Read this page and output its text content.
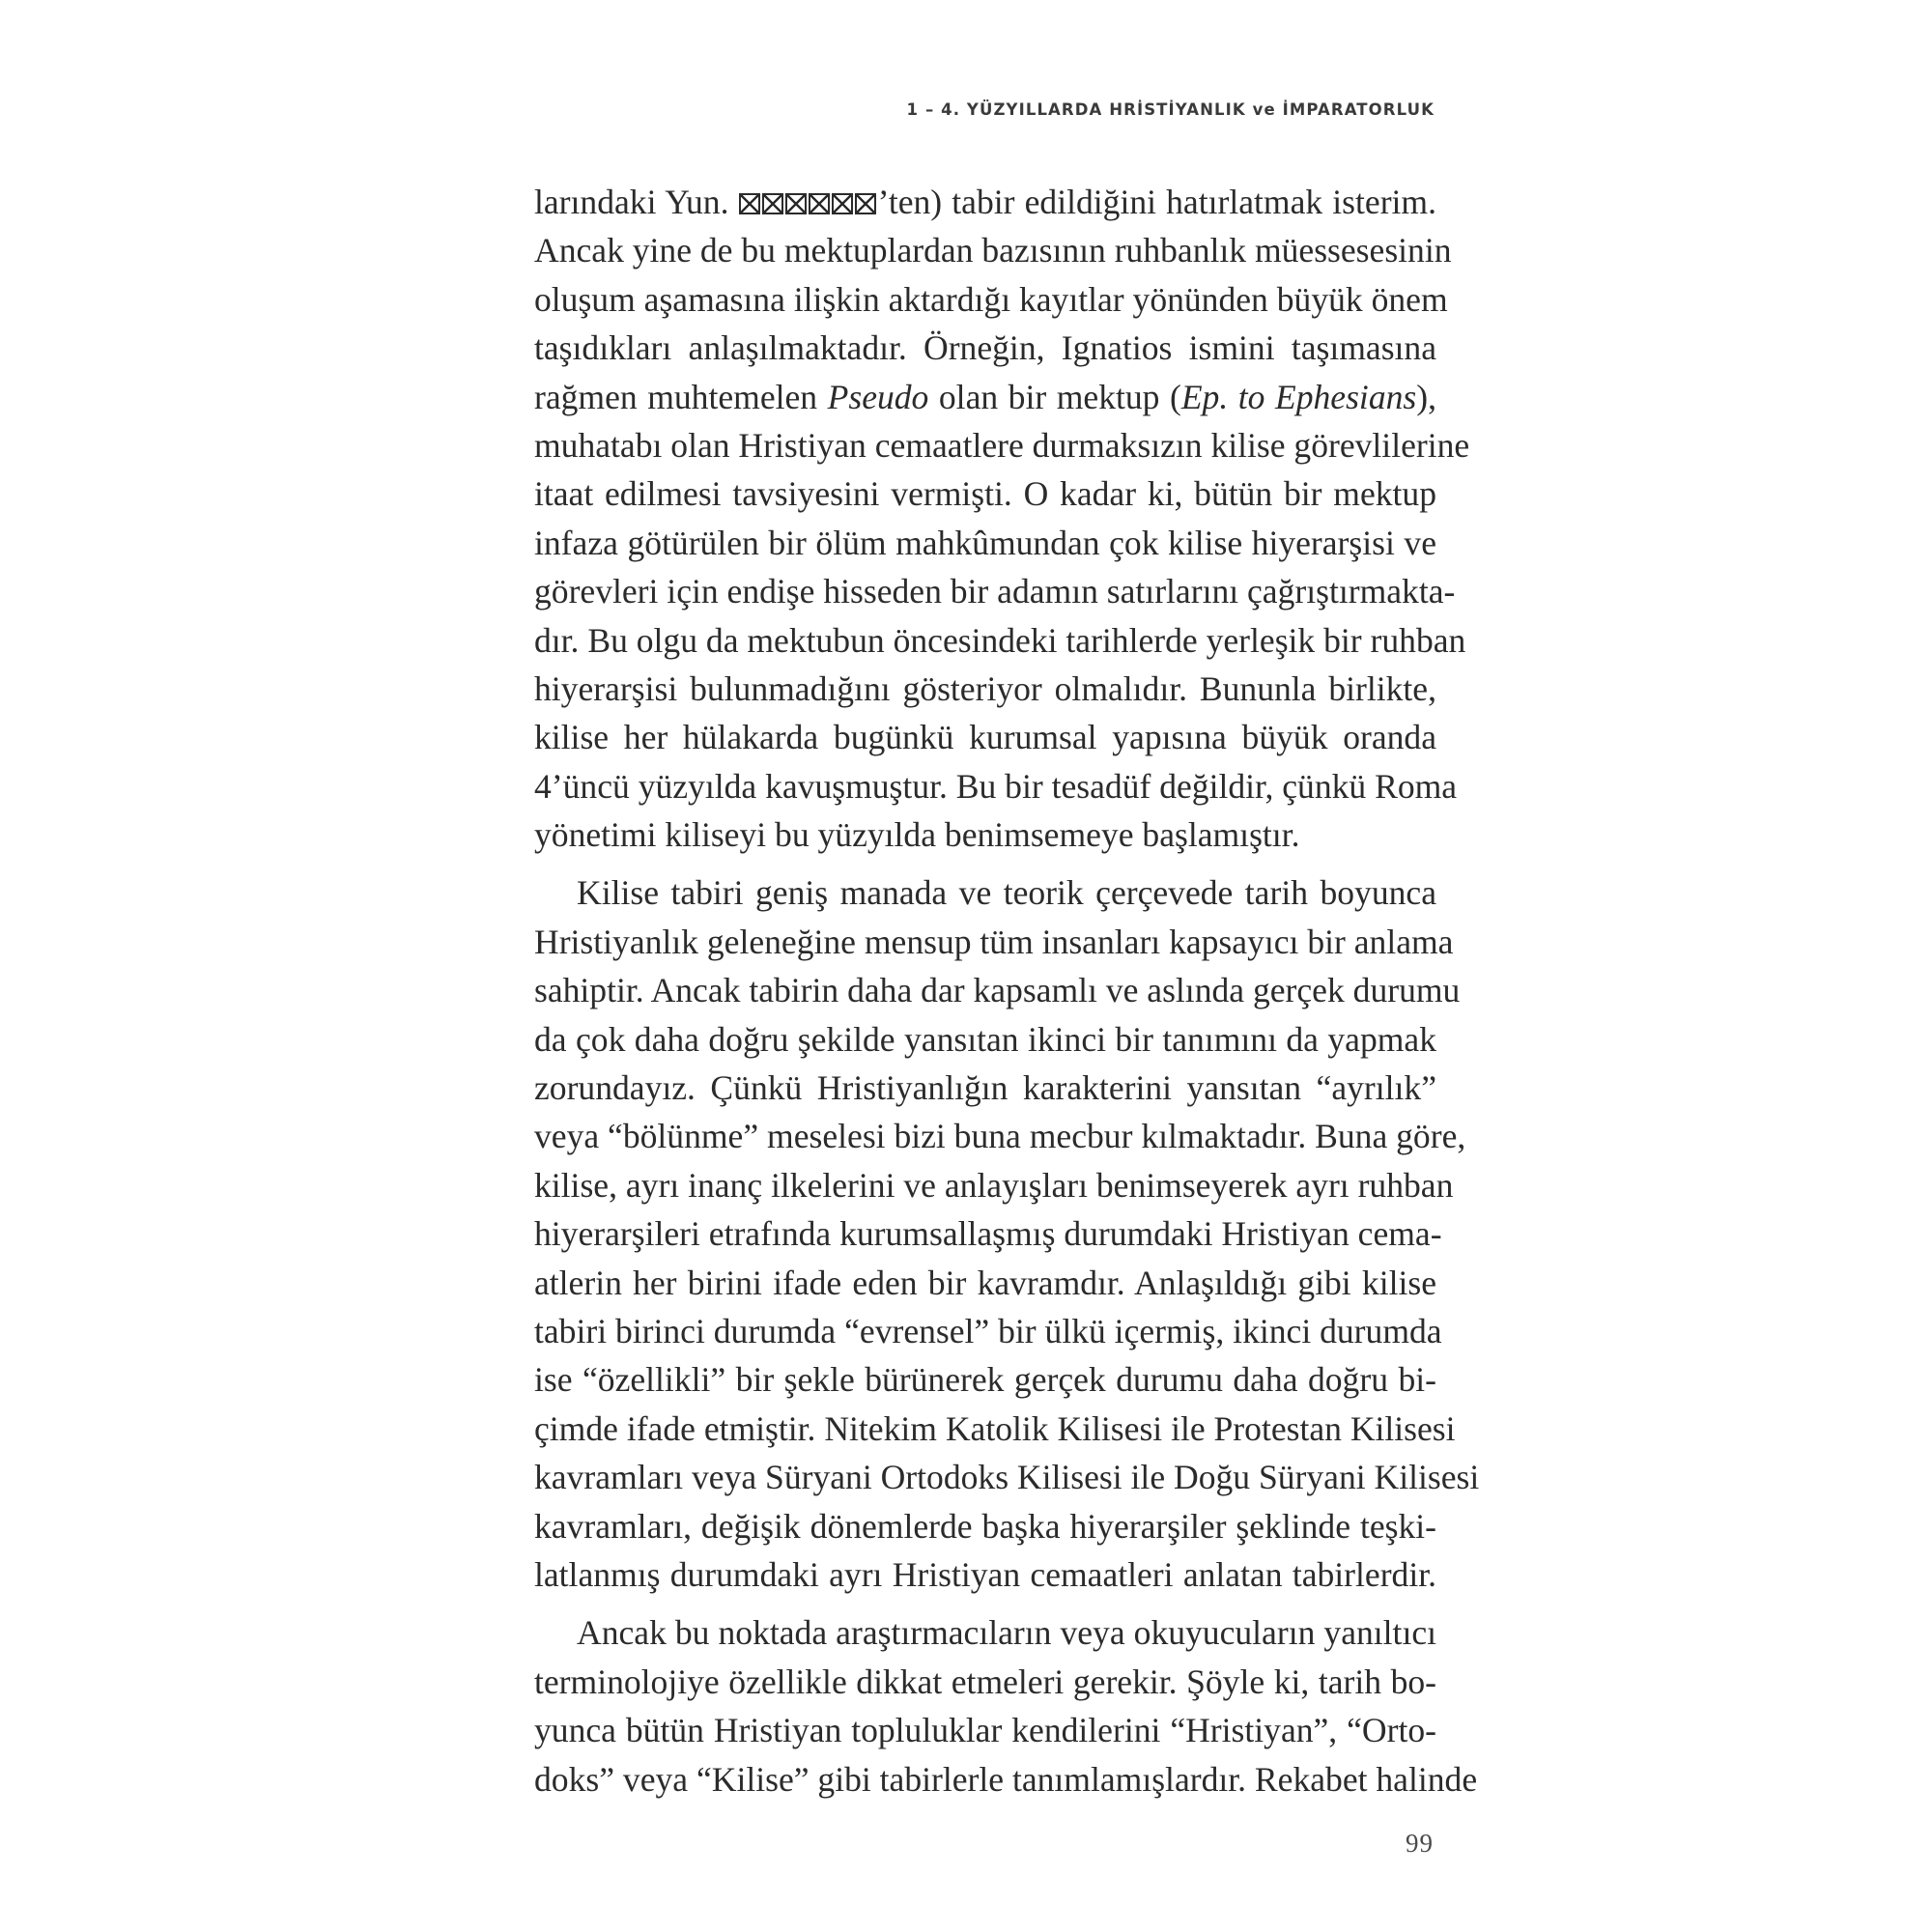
1 – 4. YÜZYILLARDA HRİSTİYANLIK ve İMPARATORLUK
larındaki Yun.	’ten) tabir edildiğini hatırlatmak isterim.
Ancak yine de bu mektuplardan bazısının ruhbanlık müessesesinin
oluşum aşamasına ilişkin aktardığı kayıtlar yönünden büyük önem
taşıdıkları anlaşılmaktadır. Örneğin, Ignatios ismini taşımasına
rağmen muhtemelen Pseudo olan bir mektup (Ep. to Ephesians),
muhatabı olan Hristiyan cemaatlere durmaksızın kilise görevlilerine
itaat edilmesi tavsiyesini vermişti. O kadar ki, bütün bir mektup
infaza götürülen bir ölüm mahkûmundan çok kilise hiyerarşisi ve
görevleri için endişe hisseden bir adamın satırlarını çağrıştırmakta-
dır. Bu olgu da mektubun öncesindeki tarihlerde yerleşik bir ruhban
hiyerarşisi bulunmadığını gösteriyor olmalıdır. Bununla birlikte,
kilise her hülakarda bugünkü kurumsal yapısına büyük oranda
4’üncü yüzyılda kavuşmuştur. Bu bir tesadüf değildir, çünkü Roma
yönetimi kiliseyi bu yüzyılda benimsemeye başlamıştır.
Kilise tabiri geniş manada ve teorik çerçevede tarih boyunca
Hristiyanlık geleneğine mensup tüm insanları kapsayıcı bir anlama
sahiptir. Ancak tabirin daha dar kapsamlı ve aslında gerçek durumu
da çok daha doğru şekilde yansıtan ikinci bir tanımını da yapmak
zorundayız. Çünkü Hristiyanlığın karakterini yansıtan “ayrılık”
veya “bölünme” meselesi bizi buna mecbur kılmaktadır. Buna göre,
kilise, ayrı inanç ilkelerini ve anlayışları benimseyerek ayrı ruhban
hiyerarşileri etrafında kurumsallaşmış durumdaki Hristiyan cema-
atlerin her birini ifade eden bir kavramdır. Anlaşıldığı gibi kilise
tabiri birinci durumda “evrensel” bir ülkü içermiş, ikinci durumda
ise “özellikli” bir şekle bürünerek gerçek durumu daha doğru bi-
çimde ifade etmiştir. Nitekim Katolik Kilisesi ile Protestan Kilisesi
kavramları veya Süryani Ortodoks Kilisesi ile Doğu Süryani Kilisesi
kavramları, değişik dönemlerde başka hiyerarşiler şeklinde teşki-
latlanmış durumdaki ayrı Hristiyan cemaatleri anlatan tabirlerdir.
Ancak bu noktada araştırmacıların veya okuyucuların yanıltıcı
terminolojiye özellikle dikkat etmeleri gerekir. Şöyle ki, tarih bo-
yunca bütün Hristiyan topluluklar kendilerini “Hristiyan”, “Orto-
doks” veya “Kilise” gibi tabirlerle tanımlamışlardır. Rekabet halinde
99
